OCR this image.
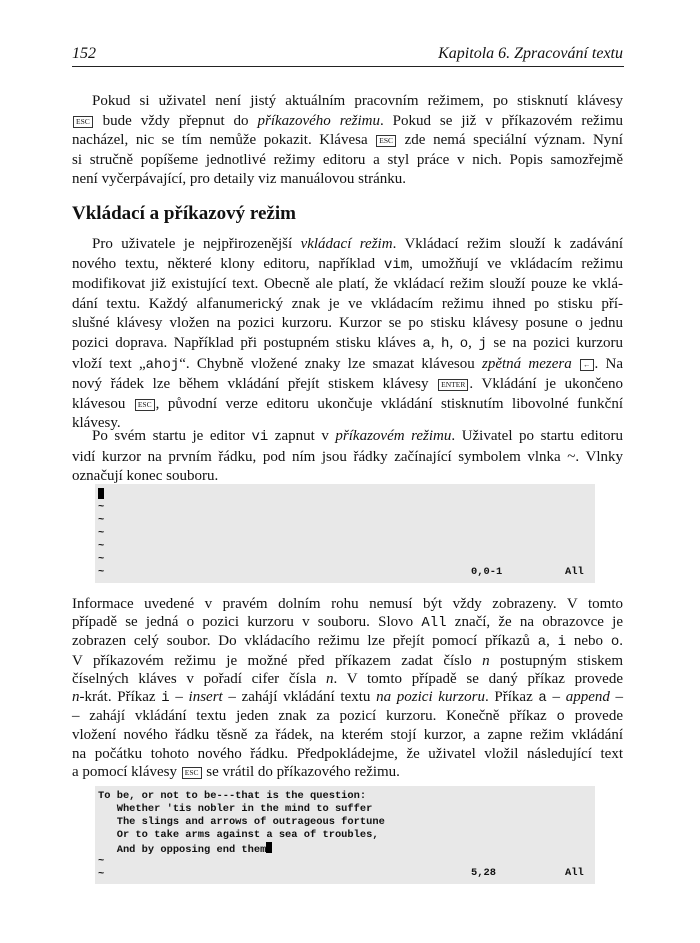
152	Kapitola 6. Zpracování textu
Pokud si uživatel není jistý aktuálním pracovním režimem, po stisknutí klávesy
ESC bude vždy přepnut do příkazového režimu. Pokud se již v příkazovém režimu
nacházel, nic se tím nemůže pokazit. Klávesa ESC zde nemá speciální význam. Nyní
si stručně popíšeme jednotlivé režimy editoru a styl práce v nich. Popis samozřejmě
není vyčerpávající, pro detaily viz manuálovou stránku.
Vkládací a příkazový režim
Pro uživatele je nejpřirozenější vkládací režim. Vkládací režim slouží k zadávání
nového textu, některé klony editoru, například vim, umožňují ve vkládacím režimu
modifikovat již existující text. Obecně ale platí, že vkládací režim slouží pouze ke vklá-
dání textu. Každý alfanumerický znak je ve vkládacím režimu ihned po stisku pří-
slušné klávesy vložen na pozici kurzoru. Kurzor se po stisku klávesy posune o jednu
pozici doprava. Například při postupném stisku kláves a, h, o, j se na pozici kurzoru
vloží text „ahoj“. Chybně vložené znaky lze smazat klávesou zpětná mezera ← . Na
nový řádek lze během vkládání přejít stiskem klávesy ENTER . Vkládání je ukončeno
klávesou ESC , původní verze editoru ukončuje vkládání stisknutím libovolné funkční
klávesy.
Po svém startu je editor vi zapnut v příkazovém režimu. Uživatel po startu editoru
vidí kurzor na prvním řádku, pod ním jsou řádky začínající symbolem vlnka ~. Vlnky
označují konec souboru.
0,0-1	All
~
~
~
~
~
~
Informace uvedené v pravém dolním rohu nemusí být vždy zobrazeny. V tomto
případě se jedná o pozici kurzoru v souboru. Slovo All značí, že na obrazovce je
zobrazen celý soubor. Do vkládacího režimu lze přejít pomocí příkazů a, i nebo o.
V příkazovém režimu je možné před příkazem zadat číslo n postupným stiskem
číselných kláves v pořadí cifer čísla n. V tomto případě se daný příkaz provede
n-krát. Příkaz i – insert – zahájí vkládání textu na pozici kurzoru. Příkaz a – append –
– zahájí vkládání textu jeden znak za pozicí kurzoru. Konečně příkaz o provede
vložení nového řádku těsně za řádek, na kterém stojí kurzor, a zapne režim vkládání
na počátku tohoto nového řádku. Předpokládejme, že uživatel vložil následující text
a pomocí klávesy ESC se vrátil do příkazového režimu.
5,28	All
To be, or not to be---that is the question:
Whether 'tis nobler in the mind to suffer
The slings and arrows of outrageous fortune
Or to take arms against a sea of troubles,
And by opposing end them
~
~
